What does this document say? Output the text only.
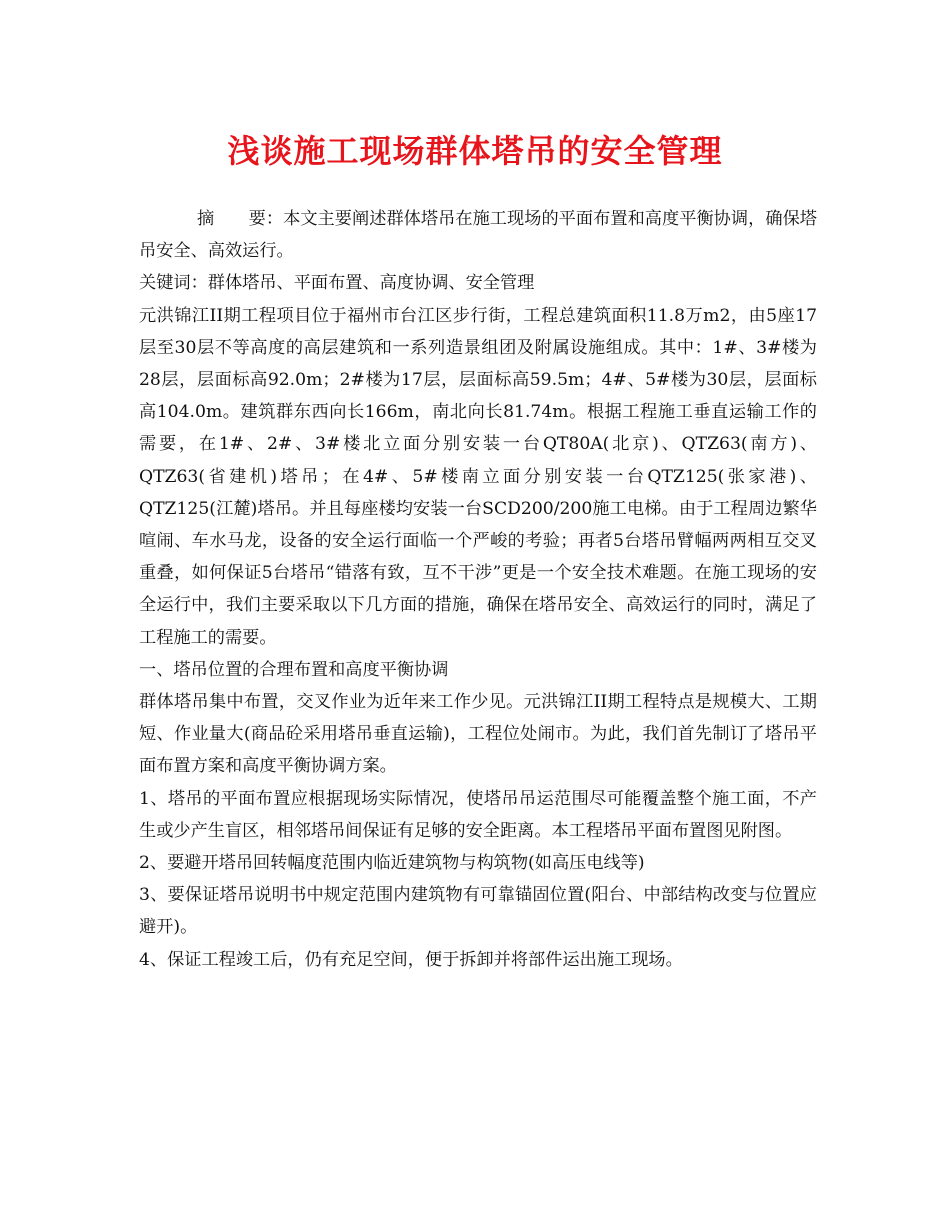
浅谈施工现场群体塔吊的安全管理

摘　　要：本文主要阐述群体塔吊在施工现场的平面布置和高度平衡协调，确保塔吊安全、高效运行。

关键词：群体塔吊、平面布置、高度协调、安全管理

元洪锦江II期工程项目位于福州市台江区步行街，工程总建筑面积11.8万m2，由5座17层至30层不等高度的高层建筑和一系列造景组团及附属设施组成。其中：1#、3#楼为28层，层面标高92.0m；2#楼为17层，层面标高59.5m；4#、5#楼为30层，层面标高104.0m。建筑群东西向长166m，南北向长81.74m。根据工程施工垂直运输工作的需要，在1#、2#、3#楼北立面分别安装一台QT80A(北京)、QTZ63(南方)、QTZ63(省建机)塔吊；在4#、5#楼南立面分别安装一台QTZ125(张家港)、QTZ125(江麓)塔吊。并且每座楼均安装一台SCD200/200施工电梯。由于工程周边繁华喧闹、车水马龙，设备的安全运行面临一个严峻的考验；再者5台塔吊臂幅两两相互交叉重叠，如何保证5台塔吊“错落有致，互不干涉”更是一个安全技术难题。在施工现场的安全运行中，我们主要采取以下几方面的措施，确保在塔吊安全、高效运行的同时，满足了工程施工的需要。

一、塔吊位置的合理布置和高度平衡协调

群体塔吊集中布置，交叉作业为近年来工作少见。元洪锦江II期工程特点是规模大、工期短、作业量大(商品砼采用塔吊垂直运输)，工程位处闹市。为此，我们首先制订了塔吊平面布置方案和高度平衡协调方案。

1、塔吊的平面布置应根据现场实际情况，使塔吊吊运范围尽可能覆盖整个施工面，不产生或少产生盲区，相邻塔吊间保证有足够的安全距离。本工程塔吊平面布置图见附图。

2、要避开塔吊回转幅度范围内临近建筑物与构筑物(如高压电线等)

3、要保证塔吊说明书中规定范围内建筑物有可靠锚固位置(阳台、中部结构改变与位置应避开)。

4、保证工程竣工后，仍有充足空间，便于拆卸并将部件运出施工现场。
